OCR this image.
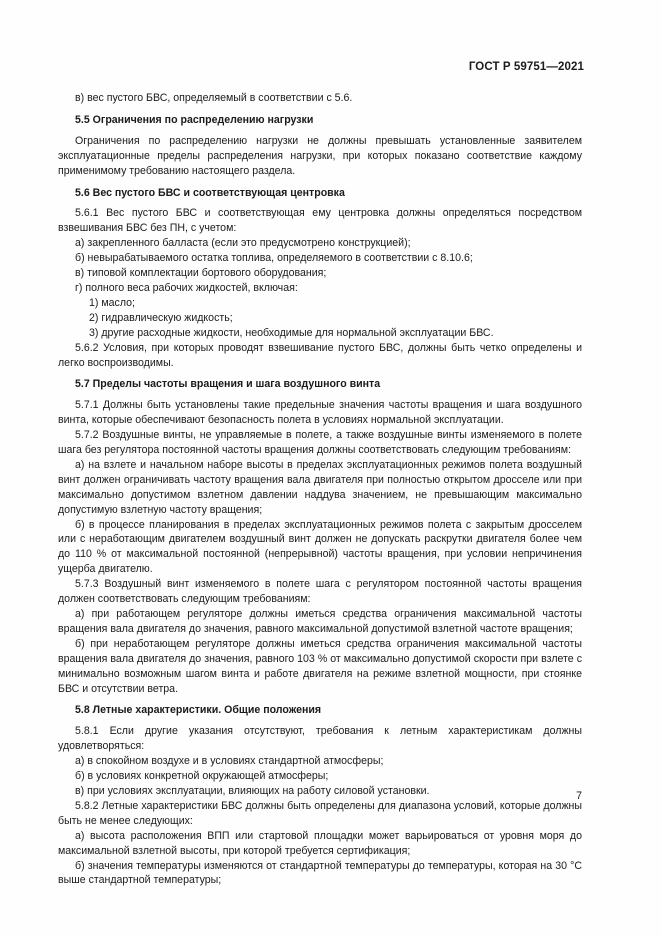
ГОСТ Р 59751—2021

в) вес пустого БВС, определяемый в соответствии с 5.6.

5.5 Ограничения по распределению нагрузки

Ограничения по распределению нагрузки не должны превышать установленные заявителем эксплуатационные пределы распределения нагрузки, при которых показано соответствие каждому применимому требованию настоящего раздела.

5.6 Вес пустого БВС и соответствующая центровка

5.6.1 Вес пустого БВС и соответствующая ему центровка должны определяться посредством взвешивания БВС без ПН, с учетом:

а) закрепленного балласта (если это предусмотрено конструкцией);

б) невырабатываемого остатка топлива, определяемого в соответствии с 8.10.6;

в) типовой комплектации бортового оборудования;

г) полного веса рабочих жидкостей, включая:

1) масло;

2) гидравлическую жидкость;

3) другие расходные жидкости, необходимые для нормальной эксплуатации БВС.

5.6.2 Условия, при которых проводят взвешивание пустого БВС, должны быть четко определены и легко воспроизводимы.

5.7 Пределы частоты вращения и шага воздушного винта

5.7.1 Должны быть установлены такие предельные значения частоты вращения и шага воздушного винта, которые обеспечивают безопасность полета в условиях нормальной эксплуатации.

5.7.2 Воздушные винты, не управляемые в полете, а также воздушные винты изменяемого в полете шага без регулятора постоянной частоты вращения должны соответствовать следующим требованиям:

а) на взлете и начальном наборе высоты в пределах эксплуатационных режимов полета воздушный винт должен ограничивать частоту вращения вала двигателя при полностью открытом дросселе или при максимально допустимом взлетном давлении наддува значением, не превышающим максимально допустимую взлетную частоту вращения;

б) в процессе планирования в пределах эксплуатационных режимов полета с закрытым дросселем или с неработающим двигателем воздушный винт должен не допускать раскрутки двигателя более чем до 110 % от максимальной постоянной (непрерывной) частоты вращения, при условии непричинения ущерба двигателю.

5.7.3 Воздушный винт изменяемого в полете шага с регулятором постоянной частоты вращения должен соответствовать следующим требованиям:

а) при работающем регуляторе должны иметься средства ограничения максимальной частоты вращения вала двигателя до значения, равного максимальной допустимой взлетной частоте вращения;

б) при неработающем регуляторе должны иметься средства ограничения максимальной частоты вращения вала двигателя до значения, равного 103 % от максимально допустимой скорости при взлете с минимально возможным шагом винта и работе двигателя на режиме взлетной мощности, при стоянке БВС и отсутствии ветра.

5.8 Летные характеристики. Общие положения

5.8.1 Если другие указания отсутствуют, требования к летным характеристикам должны удовлетворяться:

а) в спокойном воздухе и в условиях стандартной атмосферы;

б) в условиях конкретной окружающей атмосферы;

в) при условиях эксплуатации, влияющих на работу силовой установки.

5.8.2 Летные характеристики БВС должны быть определены для диапазона условий, которые должны быть не менее следующих:

а) высота расположения ВПП или стартовой площадки может варьироваться от уровня моря до максимальной взлетной высоты, при которой требуется сертификация;

б) значения температуры изменяются от стандартной температуры до температуры, которая на 30 °С выше стандартной температуры;

7
